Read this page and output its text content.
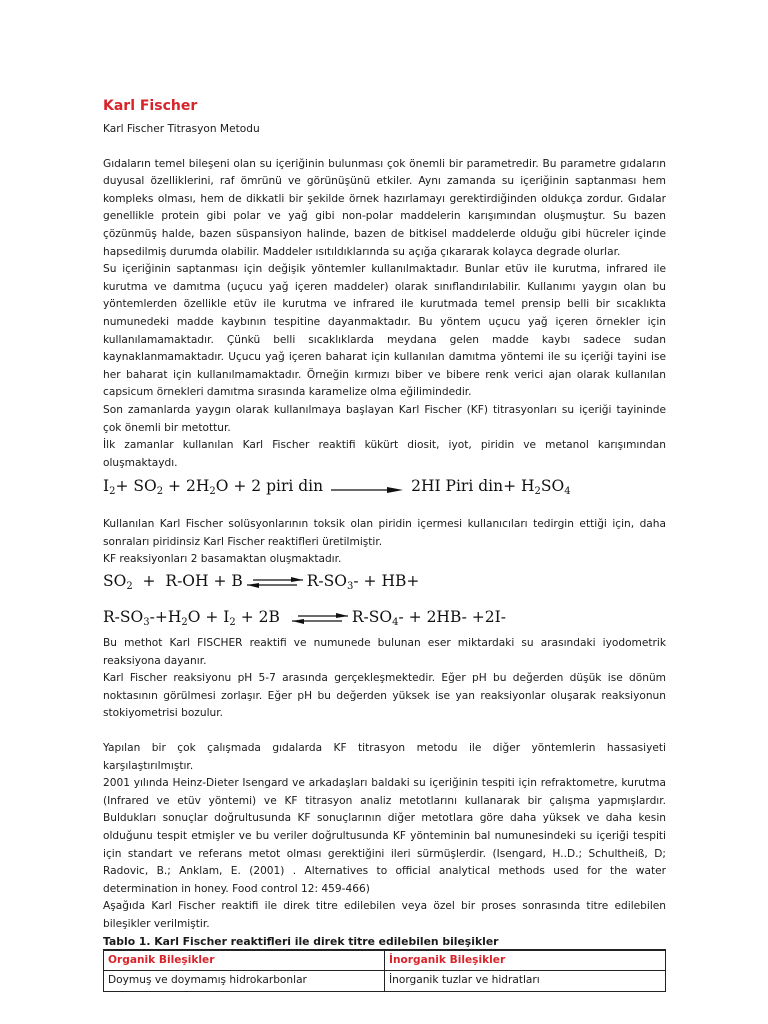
Karl Fischer
Karl Fischer Titrasyon Metodu

Gıdaların temel bileşeni olan su içeriğinin bulunması çok önemli bir parametredir. Bu parametre gıdaların duyusal özelliklerini, raf ömrünü ve görünüşünü etkiler. Aynı zamanda su içeriğinin saptanması hem kompleks olması, hem de dikkatli bir şekilde örnek hazırlamayı gerektirdiğinden oldukça zordur. Gıdalar genellikle protein gibi polar ve yağ gibi non-polar maddelerin karışımından oluşmuştur. Su bazen çözünmüş halde, bazen süspansiyon halinde, bazen de bitkisel maddelerde olduğu gibi hücreler içinde hapsedilmiş durumda olabilir. Maddeler ısıtıldıklarında su açığa çıkararak kolayca degrade olurlar.

Su içeriğinin saptanması için değişik yöntemler kullanılmaktadır. Bunlar etüv ile kurutma, infrared ile kurutma ve damıtma (uçucu yağ içeren maddeler) olarak sınıflandırılabilir. Kullanımı yaygın olan bu yöntemlerden özellikle etüv ile kurutma ve infrared ile kurutmada temel prensip belli bir sıcaklıkta numunedeki madde kaybının tespitine dayanmaktadır. Bu yöntem uçucu yağ içeren örnekler için kullanılamamaktadır. Çünkü belli sıcaklıklarda meydana gelen madde kaybı sadece sudan kaynaklanmamaktadır. Uçucu yağ içeren baharat için kullanılan damıtma yöntemi ile su içeriği tayini ise her baharat için kullanılmamaktadır. Örneğin kırmızı biber ve bibere renk verici ajan olarak kullanılan capsicum örnekleri damıtma sırasında karamelize olma eğilimindedir.

Son zamanlarda yaygın olarak kullanılmaya başlayan Karl Fischer (KF) titrasyonları su içeriği tayininde çok önemli bir metottur.

İlk zamanlar kullanılan Karl Fischer reaktifi kükürt diosit, iyot, piridin ve metanol karışımından oluşmaktaydı.

$I_2+ SO_2 + 2H_2O + 2$ piri din	2HI Piri $din+ H_2SO_4$

Kullanılan Karl Fischer solüsyonlarının toksik olan piridin içermesi kullanıcıları tedirgin ettiği için, daha sonraları piridinsiz Karl Fischer reaktifleri üretilmiştir.

KF reaksiyonları 2 basamaktan oluşmaktadır.

$SO_2 + R-OH + B$ ⇌ $R-SO_3- + HB+$
$R-SO_3-+H_2O + I_2 + 2B$ ⇌ $R-SO_4- + 2HB- +2I-$

Bu methot Karl FISCHER reaktifi ve numunede bulunan eser miktardaki su arasındaki iyodometrik reaksiyona dayanır.

Karl Fischer reaksiyonu pH 5-7 arasında gerçekleşmektedir. Eğer pH bu değerden düşük ise dönüm noktasının görülmesi zorlaşır. Eğer pH bu değerden yüksek ise yan reaksiyonlar oluşarak reaksiyonun stokiyometrisi bozulur.

Yapılan bir çok çalışmada gıdalarda KF titrasyon metodu ile diğer yöntemlerin hassasiyeti karşılaştırılmıştır.

2001 yılında Heinz-Dieter Isengard ve arkadaşları baldaki su içeriğinin tespiti için refraktometre, kurutma (Infrared ve etüv yöntemi) ve KF titrasyon analiz metotlarını kullanarak bir çalışma yapmışlardır. Buldukları sonuçlar doğrultusunda KF sonuçlarının diğer metotlara göre daha yüksek ve daha kesin olduğunu tespit etmişler ve bu veriler doğrultusunda KF yönteminin bal numunesindeki su içeriği tespiti için standart ve referans metot olması gerektiğini ileri sürmüşlerdir. (Isengard, H..D.; Schultheiß, D; Radovic, B.; Anklam, E. (2001) . Alternatives to official analytical methods used for the water determination in honey. Food control 12: 459-466)

Aşağıda Karl Fischer reaktifi ile direk titre edilebilen veya özel bir proses sonrasında titre edilebilen bileşikler verilmiştir.

Tablo 1. Karl Fischer reaktifleri ile direk titre edilebilen bileşikler
Organik Bileşikler	İnorganik Bileşikler
Doymuş ve doymamış hidrokarbonlar	İnorganik tuzlar ve hidratları
